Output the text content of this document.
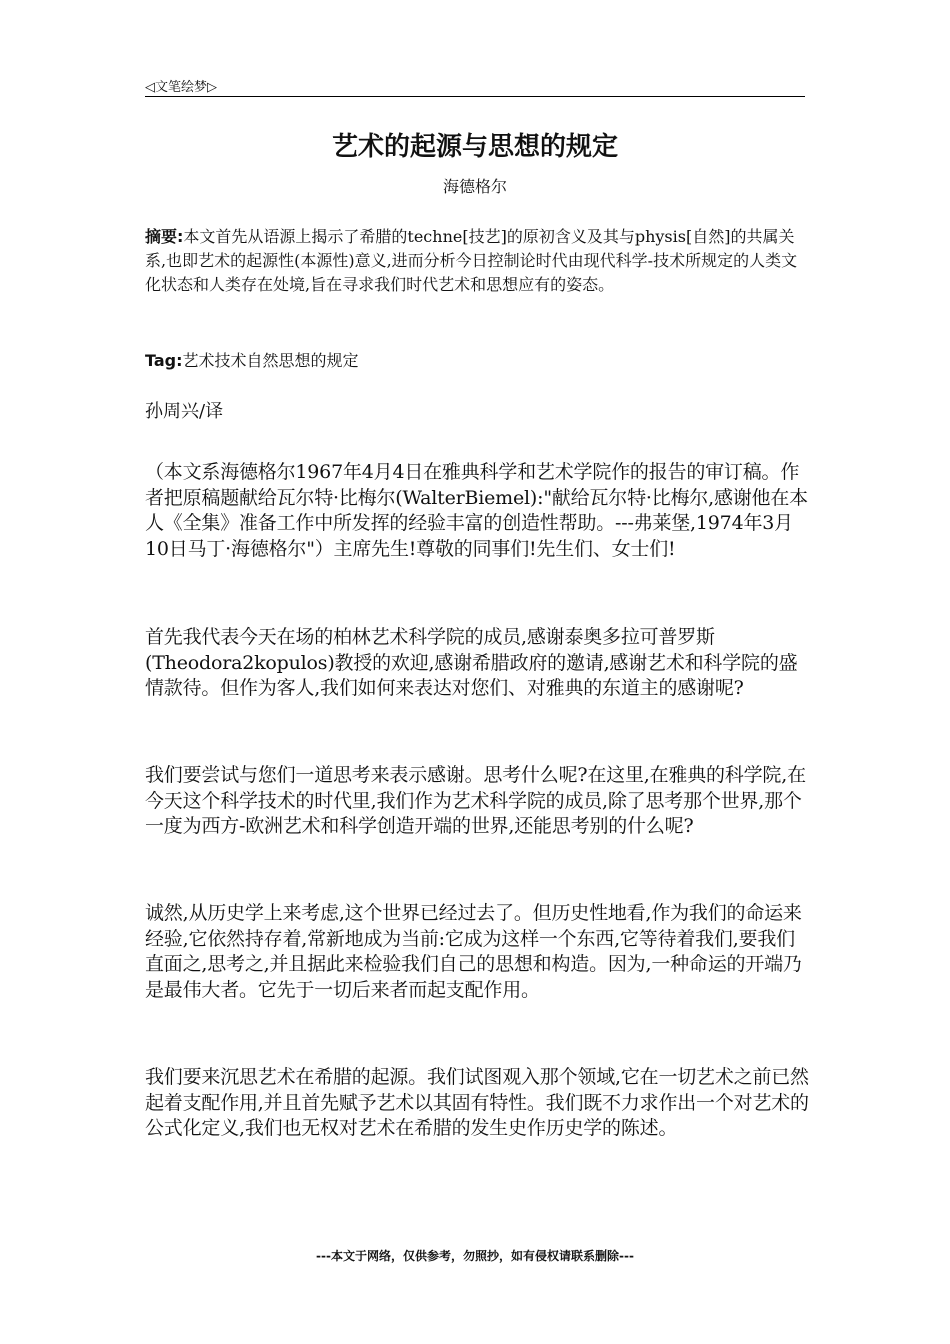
◁文笔绘梦▷
艺术的起源与思想的规定
海德格尔

摘要:本文首先从语源上揭示了希腊的techne[技艺]的原初含义及其与physis[自然]的共属关系,也即艺术的起源性(本源性)意义,进而分析今日控制论时代由现代科学-技术所规定的人类文化状态和人类存在处境,旨在寻求我们时代艺术和思想应有的姿态。

Tag:艺术技术自然思想的规定

孙周兴/译

（本文系海德格尔1967年4月4日在雅典科学和艺术学院作的报告的审订稿。作者把原稿题献给瓦尔特·比梅尔(WalterBiemel):"献给瓦尔特·比梅尔,感谢他在本人《全集》准备工作中所发挥的经验丰富的创造性帮助。---弗莱堡,1974年3月10日马丁·海德格尔"）主席先生!尊敬的同事们!先生们、女士们!

首先我代表今天在场的柏林艺术科学院的成员,感谢泰奥多拉可普罗斯(Theodora2kopulos)教授的欢迎,感谢希腊政府的邀请,感谢艺术和科学院的盛情款待。但作为客人,我们如何来表达对您们、对雅典的东道主的感谢呢?

我们要尝试与您们一道思考来表示感谢。思考什么呢?在这里,在雅典的科学院,在今天这个科学技术的时代里,我们作为艺术科学院的成员,除了思考那个世界,那个一度为西方-欧洲艺术和科学创造开端的世界,还能思考别的什么呢?

诚然,从历史学上来考虑,这个世界已经过去了。但历史性地看,作为我们的命运来经验,它依然持存着,常新地成为当前:它成为这样一个东西,它等待着我们,要我们直面之,思考之,并且据此来检验我们自己的思想和构造。因为,一种命运的开端乃是最伟大者。它先于一切后来者而起支配作用。

我们要来沉思艺术在希腊的起源。我们试图观入那个领域,它在一切艺术之前已然起着支配作用,并且首先赋予艺术以其固有特性。我们既不力求作出一个对艺术的公式化定义,我们也无权对艺术在希腊的发生史作历史学的陈述。

---本文于网络，仅供参考，勿照抄，如有侵权请联系删除---
